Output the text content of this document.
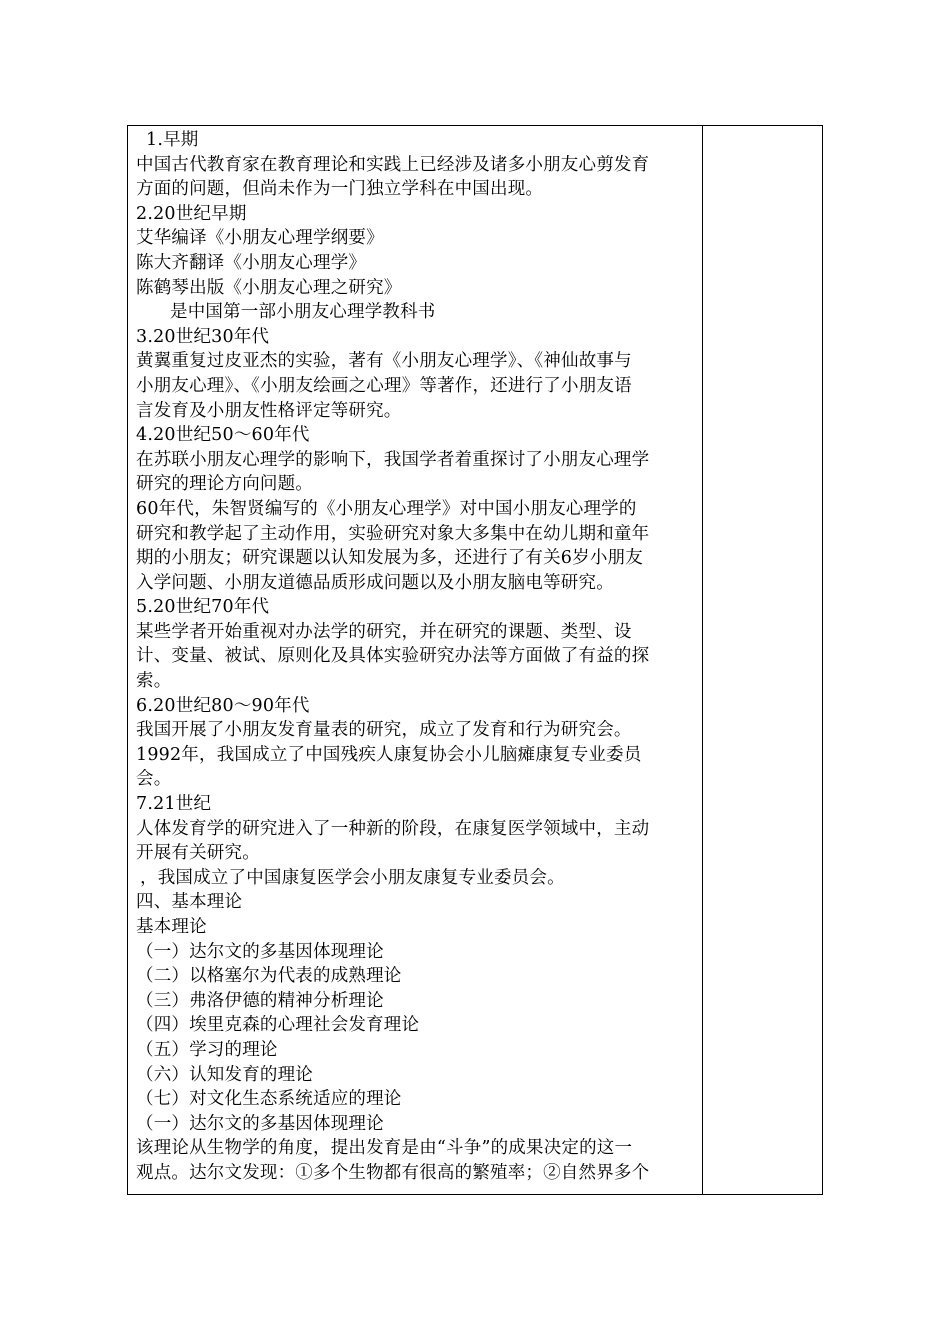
1.早期
中国古代教育家在教育理论和实践上已经涉及诸多小朋友心剪发育
方面的问题，但尚未作为一门独立学科在中国出现。
2.20世纪早期
艾华编译《小朋友心理学纲要》
陈大齐翻译《小朋友心理学》
陈鹤琴出版《小朋友心理之研究》
是中国第一部小朋友心理学教科书
3.20世纪30年代
黄翼重复过皮亚杰的实验，著有《小朋友心理学》、《神仙故事与
小朋友心理》、《小朋友绘画之心理》等著作，还进行了小朋友语
言发育及小朋友性格评定等研究。
4.20世纪50～60年代
在苏联小朋友心理学的影响下，我国学者着重探讨了小朋友心理学
研究的理论方向问题。
60年代，朱智贤编写的《小朋友心理学》对中国小朋友心理学的
研究和教学起了主动作用，实验研究对象大多集中在幼儿期和童年
期的小朋友；研究课题以认知发展为多，还进行了有关6岁小朋友
入学问题、小朋友道德品质形成问题以及小朋友脑电等研究。
5.20世纪70年代
某些学者开始重视对办法学的研究，并在研究的课题、类型、设
计、变量、被试、原则化及具体实验研究办法等方面做了有益的探
索。
6.20世纪80～90年代
我国开展了小朋友发育量表的研究，成立了发育和行为研究会。
1992年，我国成立了中国残疾人康复协会小儿脑瘫康复专业委员
会。
7.21世纪
人体发育学的研究进入了一种新的阶段，在康复医学领域中，主动
开展有关研究。
，我国成立了中国康复医学会小朋友康复专业委员会。
四、基本理论
基本理论
（一）达尔文的多基因体现理论
（二）以格塞尔为代表的成熟理论
（三）弗洛伊德的精神分析理论
（四）埃里克森的心理社会发育理论
（五）学习的理论
（六）认知发育的理论
（七）对文化生态系统适应的理论
（一）达尔文的多基因体现理论
该理论从生物学的角度，提出发育是由“斗争”的成果决定的这一
观点。达尔文发现：①多个生物都有很高的繁殖率；②自然界多个
